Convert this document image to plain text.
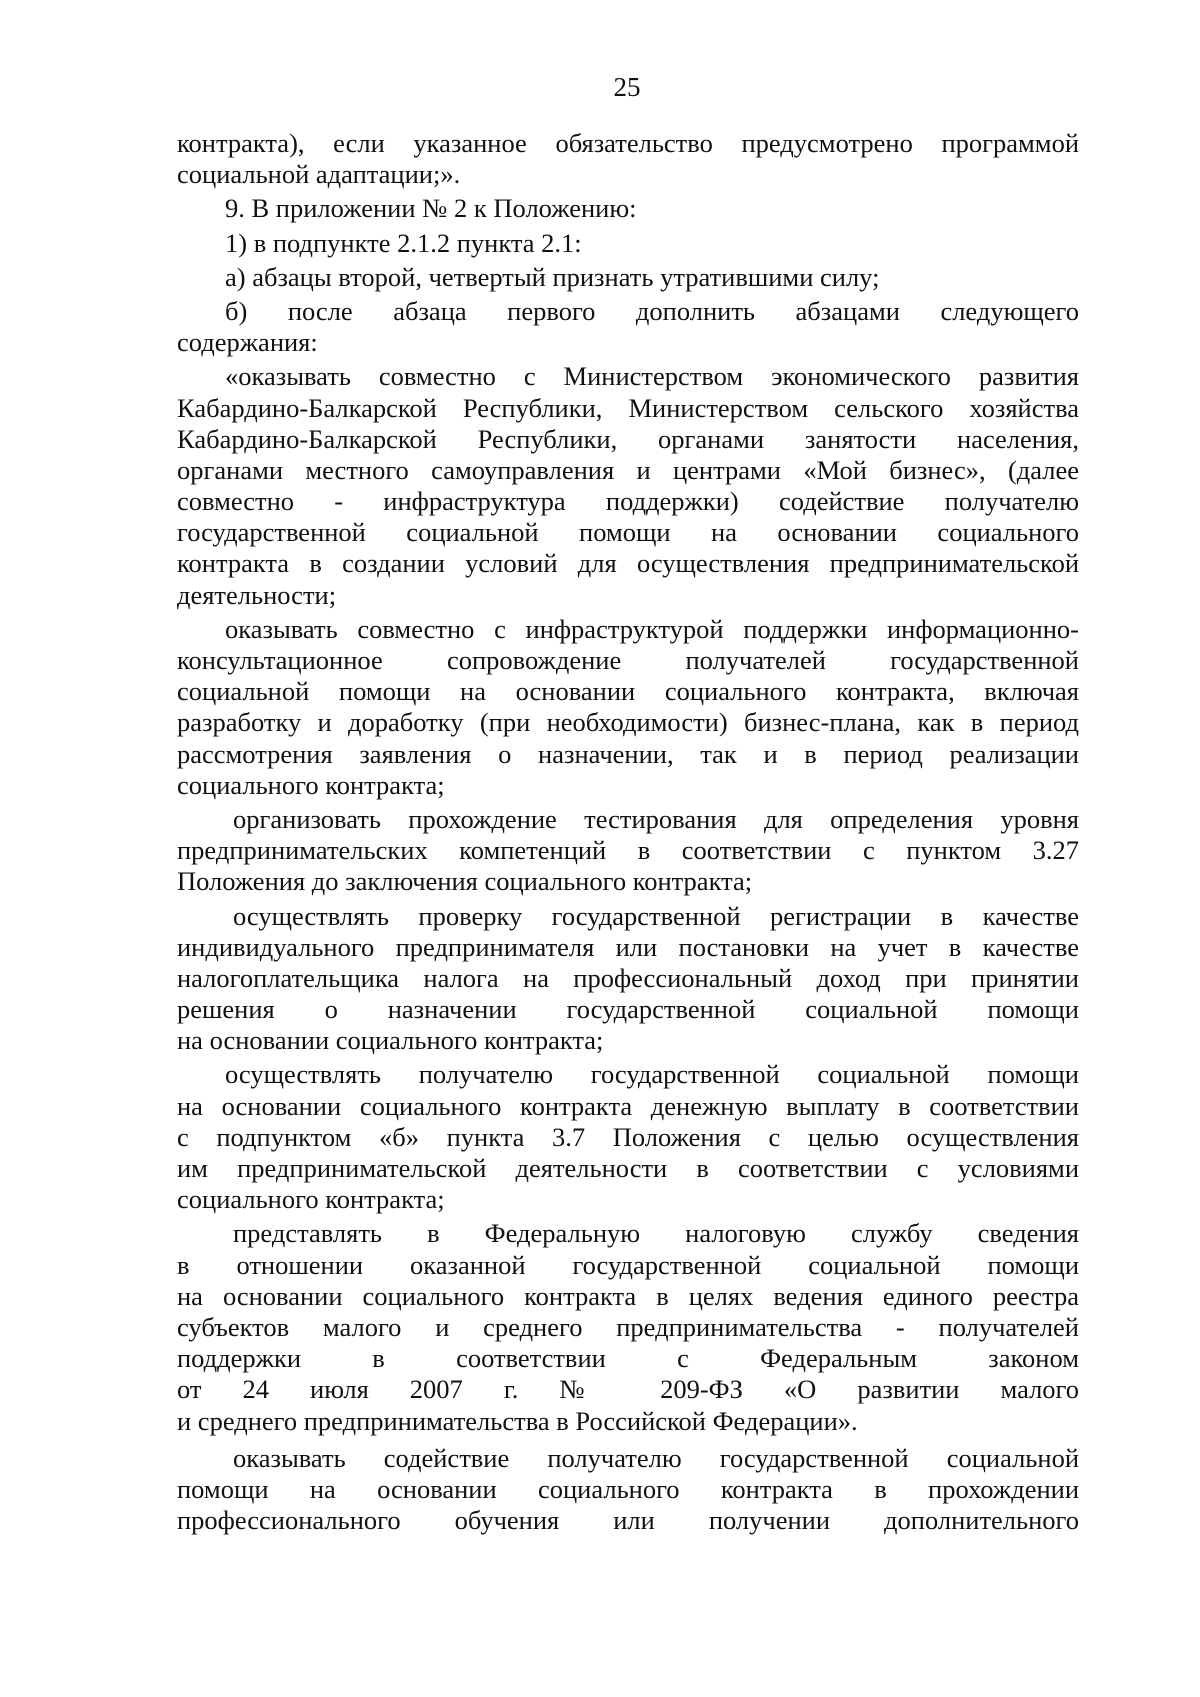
25
контракта), если указанное обязательство предусмотрено программой
социальной адаптации;».
9. В приложении № 2 к Положению:
1) в подпункте 2.1.2 пункта 2.1:
а) абзацы второй, четвертый признать утратившими силу;
б) после абзаца первого дополнить абзацами следующего
содержания:
«оказывать совместно с Министерством экономического развития
Кабардино-Балкарской Республики, Министерством сельского хозяйства
Кабардино-Балкарской Республики, органами занятости населения,
органами местного самоуправления и центрами «Мой бизнес», (далее
совместно - инфраструктура поддержки) содействие получателю
государственной социальной помощи на основании социального
контракта в создании условий для осуществления предпринимательской
деятельности;
оказывать совместно с инфраструктурой поддержки информационно-
консультационное сопровождение получателей государственной
социальной помощи на основании социального контракта, включая
разработку и доработку (при необходимости) бизнес-плана, как в период
рассмотрения заявления о назначении, так и в период реализации
социального контракта;
организовать прохождение тестирования для определения уровня
предпринимательских компетенций в соответствии с пунктом 3.27
Положения до заключения социального контракта;
осуществлять проверку государственной регистрации в качестве
индивидуального предпринимателя или постановки на учет в качестве
налогоплательщика налога на профессиональный доход при принятии
решения о назначении государственной социальной помощи
на основании социального контракта;
осуществлять получателю государственной социальной помощи
на основании социального контракта денежную выплату в соответствии
с подпунктом «б» пункта 3.7 Положения с целью осуществления
им предпринимательской деятельности в соответствии с условиями
социального контракта;
представлять в Федеральную налоговую службу сведения
в отношении оказанной государственной социальной помощи
на основании социального контракта в целях ведения единого реестра
субъектов малого и среднего предпринимательства - получателей
поддержки в соответствии с Федеральным законом
от 24 июля 2007 г. № 209-ФЗ «О развитии малого
и среднего предпринимательства в Российской Федерации».
оказывать содействие получателю государственной социальной
помощи на основании социального контракта в прохождении
профессионального обучения или получении дополнительного
